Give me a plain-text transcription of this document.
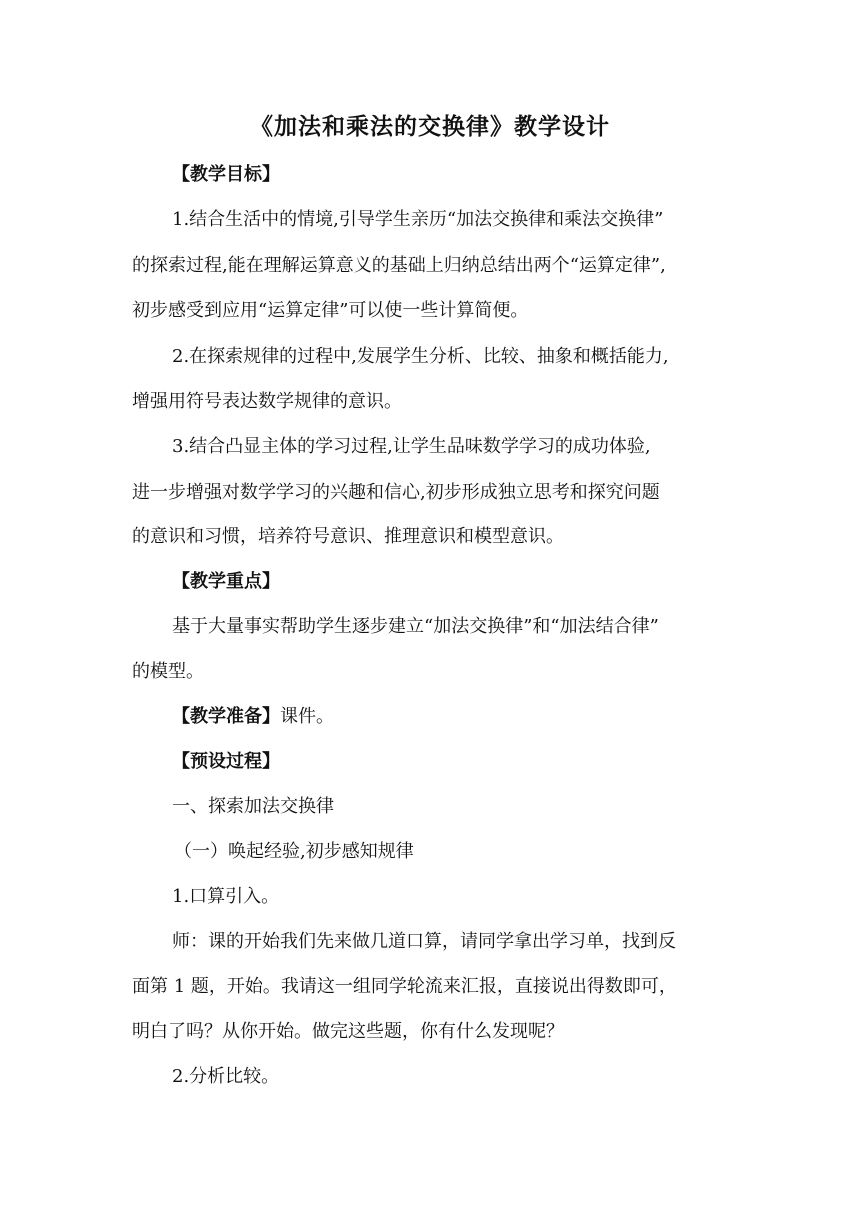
《加法和乘法的交换律》教学设计
【教学目标】
1.结合生活中的情境,引导学生亲历“加法交换律和乘法交换律”
的探索过程,能在理解运算意义的基础上归纳总结出两个“运算定律”,
初步感受到应用“运算定律”可以使一些计算简便。
2.在探索规律的过程中,发展学生分析、比较、抽象和概括能力,
增强用符号表达数学规律的意识。
3.结合凸显主体的学习过程,让学生品味数学学习的成功体验,
进一步增强对数学学习的兴趣和信心,初步形成独立思考和探究问题
的意识和习惯，培养符号意识、推理意识和模型意识。
【教学重点】
基于大量事实帮助学生逐步建立“加法交换律”和“加法结合律”
的模型。
【教学准备】课件。
【预设过程】
一、探索加法交换律
（一）唤起经验,初步感知规律
1.口算引入。
师：课的开始我们先来做几道口算，请同学拿出学习单，找到反
面第 1 题，开始。我请这一组同学轮流来汇报，直接说出得数即可，
明白了吗？从你开始。做完这些题，你有什么发现呢？
2.分析比较。
